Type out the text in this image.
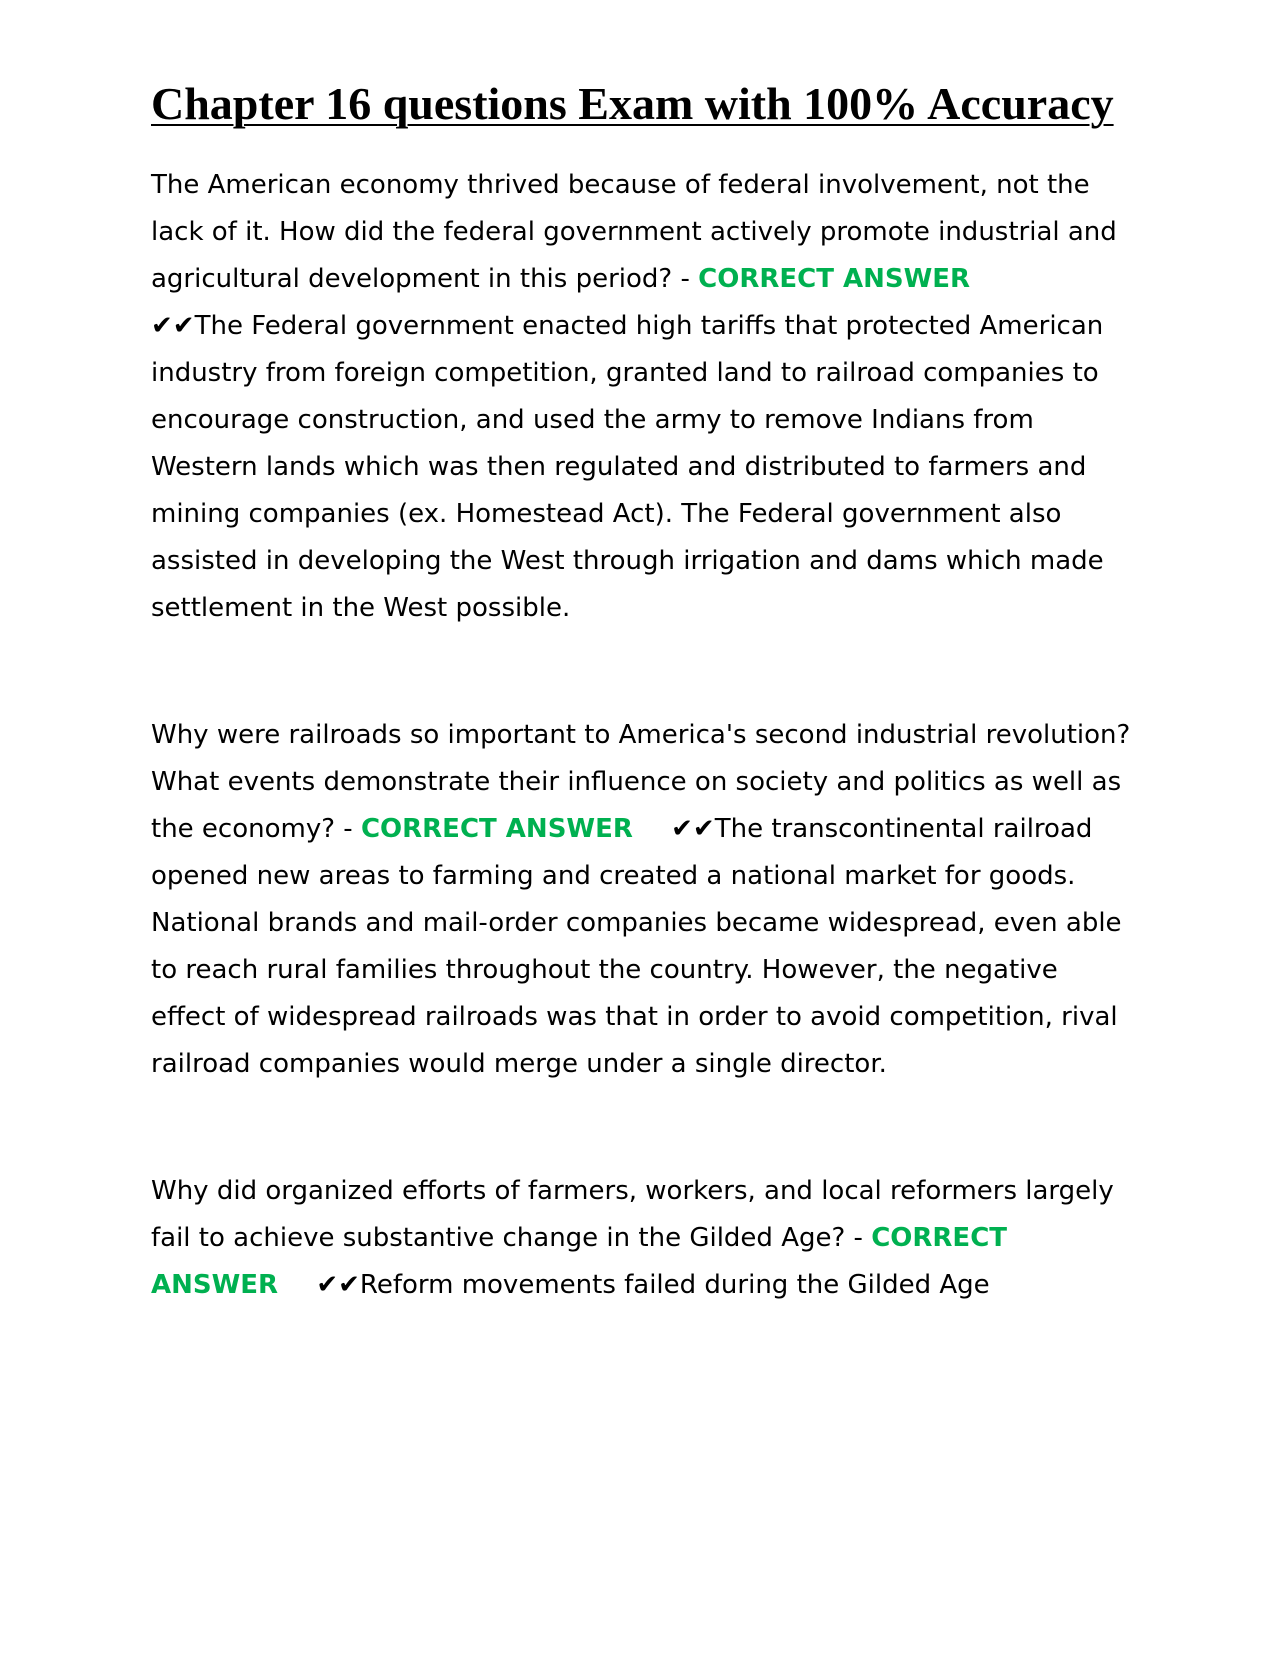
Chapter 16 questions Exam with 100% Accuracy

The American economy thrived because of federal involvement, not the lack of it. How did the federal government actively promote industrial and agricultural development in this period? - CORRECT ANSWER
✔✔The Federal government enacted high tariffs that protected American industry from foreign competition, granted land to railroad companies to encourage construction, and used the army to remove Indians from Western lands which was then regulated and distributed to farmers and mining companies (ex. Homestead Act). The Federal government also assisted in developing the West through irrigation and dams which made settlement in the West possible.

Why were railroads so important to America's second industrial revolution? What events demonstrate their influence on society and politics as well as the economy? - CORRECT ANSWER ✔✔The transcontinental railroad opened new areas to farming and created a national market for goods. National brands and mail-order companies became widespread, even able to reach rural families throughout the country. However, the negative effect of widespread railroads was that in order to avoid competition, rival railroad companies would merge under a single director.

Why did organized efforts of farmers, workers, and local reformers largely fail to achieve substantive change in the Gilded Age? - CORRECT ANSWER ✔✔Reform movements failed during the Gilded Age
